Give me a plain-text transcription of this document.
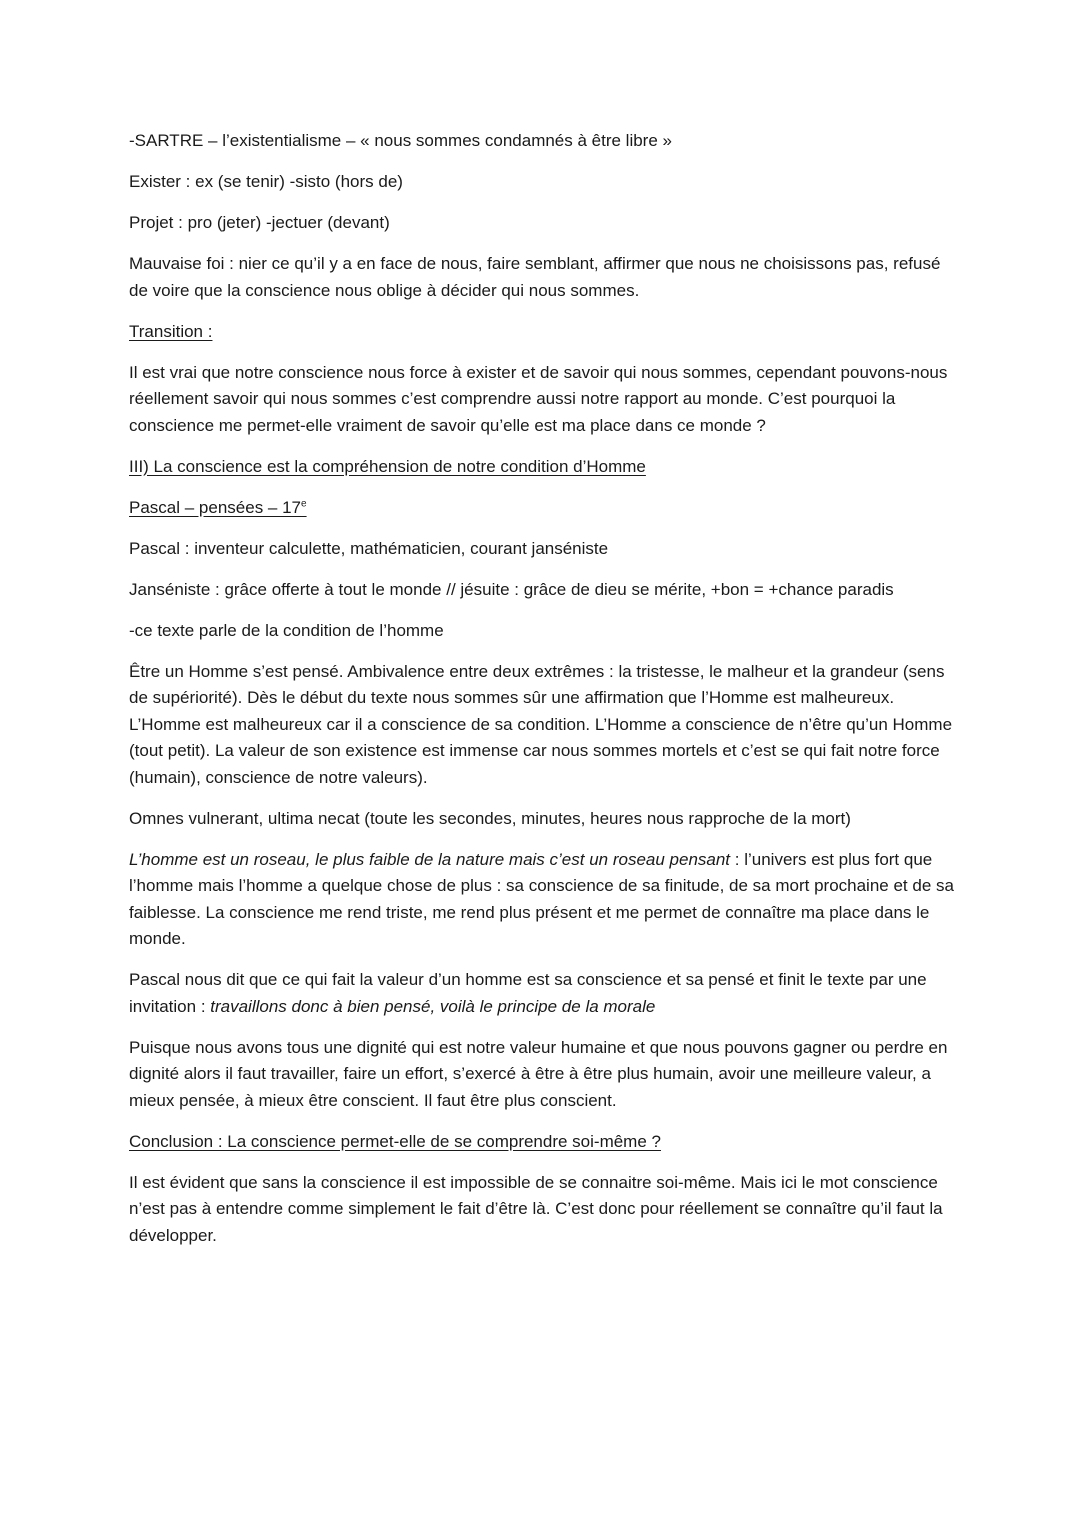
-SARTRE – l’existentialisme – « nous sommes condamnés à être libre »

Exister : ex (se tenir) -sisto (hors de)

Projet : pro (jeter) -jectuer (devant)

Mauvaise foi : nier ce qu’il y a en face de nous, faire semblant, affirmer que nous ne choisissons pas, refusé de voire que la conscience nous oblige à décider qui nous sommes.

Transition :

Il est vrai que notre conscience nous force à exister et de savoir qui nous sommes, cependant pouvons-nous réellement savoir qui nous sommes c’est comprendre aussi notre rapport au monde. C’est pourquoi la conscience me permet-elle vraiment de savoir qu’elle est ma place dans ce monde ?

III) La conscience est la compréhension de notre condition d’Homme

Pascal – pensées – 17e

Pascal : inventeur calculette, mathématicien, courant janséniste

Janséniste : grâce offerte à tout le monde // jésuite : grâce de dieu se mérite, +bon = +chance paradis

-ce texte parle de la condition de l’homme

Être un Homme s’est pensé. Ambivalence entre deux extrêmes : la tristesse, le malheur et la grandeur (sens de supériorité). Dès le début du texte nous sommes sûr une affirmation que l’Homme est malheureux. L’Homme est malheureux car il a conscience de sa condition. L’Homme a conscience de n’être qu’un Homme (tout petit). La valeur de son existence est immense car nous sommes mortels et c’est se qui fait notre force (humain), conscience de notre valeurs).

Omnes vulnerant, ultima necat (toute les secondes, minutes, heures nous rapproche de la mort)

L’homme est un roseau, le plus faible de la nature mais c’est un roseau pensant : l’univers est plus fort que l’homme mais l’homme a quelque chose de plus : sa conscience de sa finitude, de sa mort prochaine et de sa faiblesse. La conscience me rend triste, me rend plus présent et me permet de connaître ma place dans le monde.

Pascal nous dit que ce qui fait la valeur d’un homme est sa conscience et sa pensé et finit le texte par une invitation : travaillons donc à bien pensé, voilà le principe de la morale

Puisque nous avons tous une dignité qui est notre valeur humaine et que nous pouvons gagner ou perdre en dignité alors il faut travailler, faire un effort, s’exercé à être à être plus humain, avoir une meilleure valeur, a mieux pensée, à mieux être conscient. Il faut être plus conscient.

Conclusion : La conscience permet-elle de se comprendre soi-même ?

Il est évident que sans la conscience il est impossible de se connaitre soi-même. Mais ici le mot conscience n’est pas à entendre comme simplement le fait d’être là. C’est donc pour réellement se connaître qu’il faut la développer.
